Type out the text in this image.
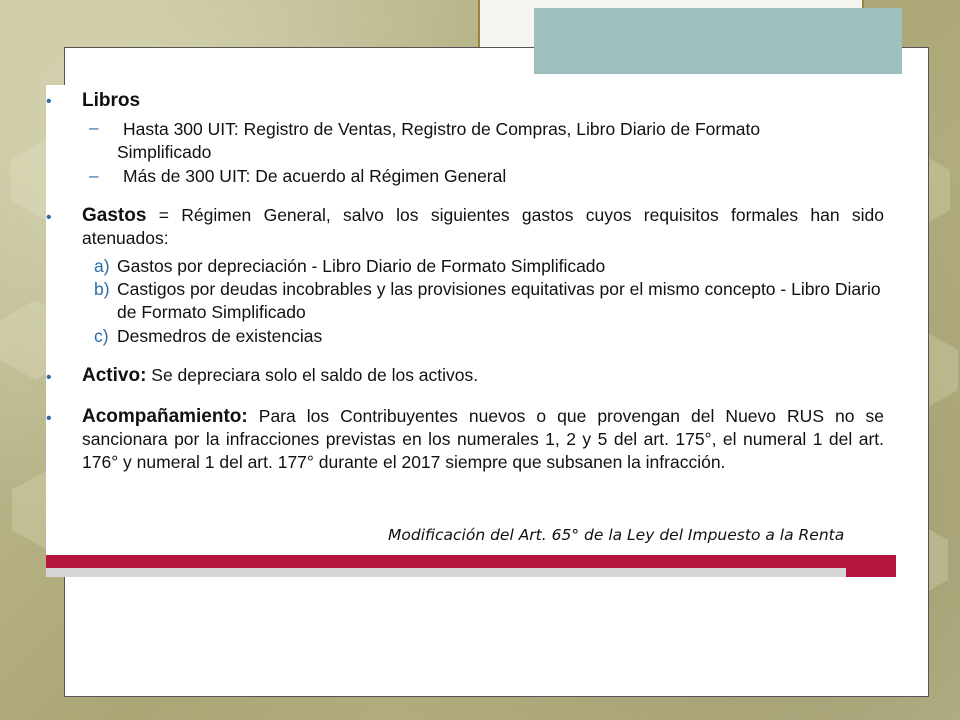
• Libros
– Hasta 300 UIT: Registro de Ventas, Registro de Compras, Libro Diario de Formato
Simplificado
– Más de 300 UIT: De acuerdo al Régimen General
• Gastos = Régimen General, salvo los siguientes gastos cuyos requisitos formales han sido atenuados:
a) Gastos por depreciación - Libro Diario de Formato Simplificado
b) Castigos por deudas incobrables y las provisiones equitativas por el mismo concepto - Libro Diario de Formato Simplificado
c) Desmedros de existencias
• Activo: Se depreciara solo el saldo de los activos.
• Acompañamiento: Para los Contribuyentes nuevos o que provengan del Nuevo RUS no se sancionara por la infracciones previstas en los numerales 1, 2 y 5 del art. 175°, el numeral 1 del art. 176° y numeral 1 del art. 177° durante el 2017 siempre que subsanen la infracción.
Modificación del Art. 65° de la Ley del Impuesto a la Renta
